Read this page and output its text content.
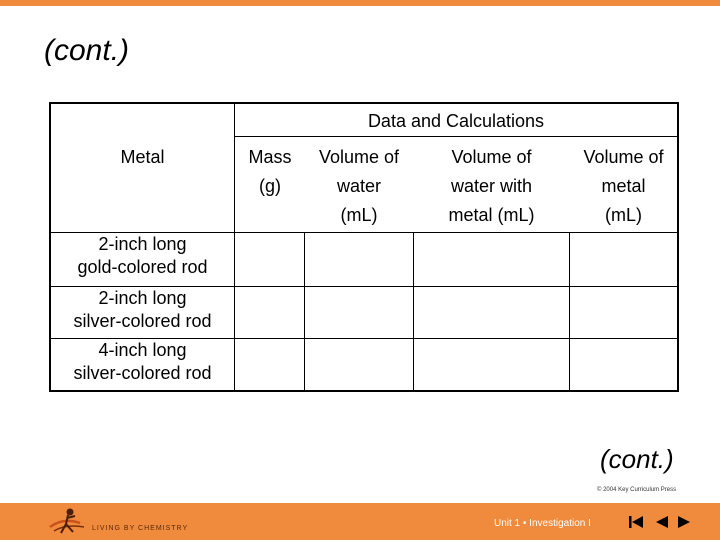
(cont.)
Data and Calculations
Metal	Mass
(g)
Volume of
water
(mL)
Volume of
water with
metal (mL)
Volume of
metal
(mL)
2-inch long
gold-colored rod
2-inch long
silver-colored rod
4-inch long
silver-colored rod
(cont.)
© 2004 Key Curriculum Press
LIVING BY CHEMISTRY	Unit 1 • Investigation I
